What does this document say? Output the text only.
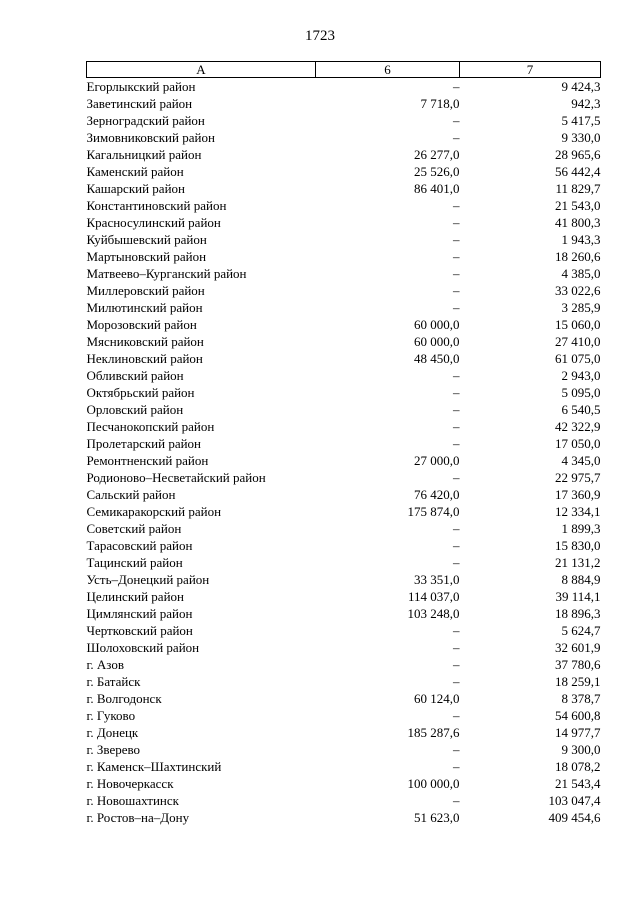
1723
А	6	7
Егорлыкский район	–	9 424,3
Заветинский район	7 718,0	942,3
Зерноградский район	–	5 417,5
Зимовниковский район	–	9 330,0
Кагальницкий район	26 277,0	28 965,6
Каменский район	25 526,0	56 442,4
Кашарский район	86 401,0	11 829,7
Константиновский район	–	21 543,0
Красносулинский район	–	41 800,3
Куйбышевский район	–	1 943,3
Мартыновский район	–	18 260,6
Матвеево–Курганский район	–	4 385,0
Миллеровский район	–	33 022,6
Милютинский район	–	3 285,9
Морозовский район	60 000,0	15 060,0
Мясниковский район	60 000,0	27 410,0
Неклиновский район	48 450,0	61 075,0
Обливский район	–	2 943,0
Октябрьский район	–	5 095,0
Орловский район	–	6 540,5
Песчанокопский район	–	42 322,9
Пролетарский район	–	17 050,0
Ремонтненский район	27 000,0	4 345,0
Родионово–Несветайский район	–	22 975,7
Сальский район	76 420,0	17 360,9
Семикаракорский район	175 874,0	12 334,1
Советский район	–	1 899,3
Тарасовский район	–	15 830,0
Тацинский район	–	21 131,2
Усть–Донецкий район	33 351,0	8 884,9
Целинский район	114 037,0	39 114,1
Цимлянский район	103 248,0	18 896,3
Чертковский район	–	5 624,7
Шолоховский район	–	32 601,9
г. Азов	–	37 780,6
г. Батайск	–	18 259,1
г. Волгодонск	60 124,0	8 378,7
г. Гуково	–	54 600,8
г. Донецк	185 287,6	14 977,7
г. Зверево	–	9 300,0
г. Каменск–Шахтинский	–	18 078,2
г. Новочеркасск	100 000,0	21 543,4
г. Новошахтинск	–	103 047,4
г. Ростов–на–Дону	51 623,0	409 454,6
